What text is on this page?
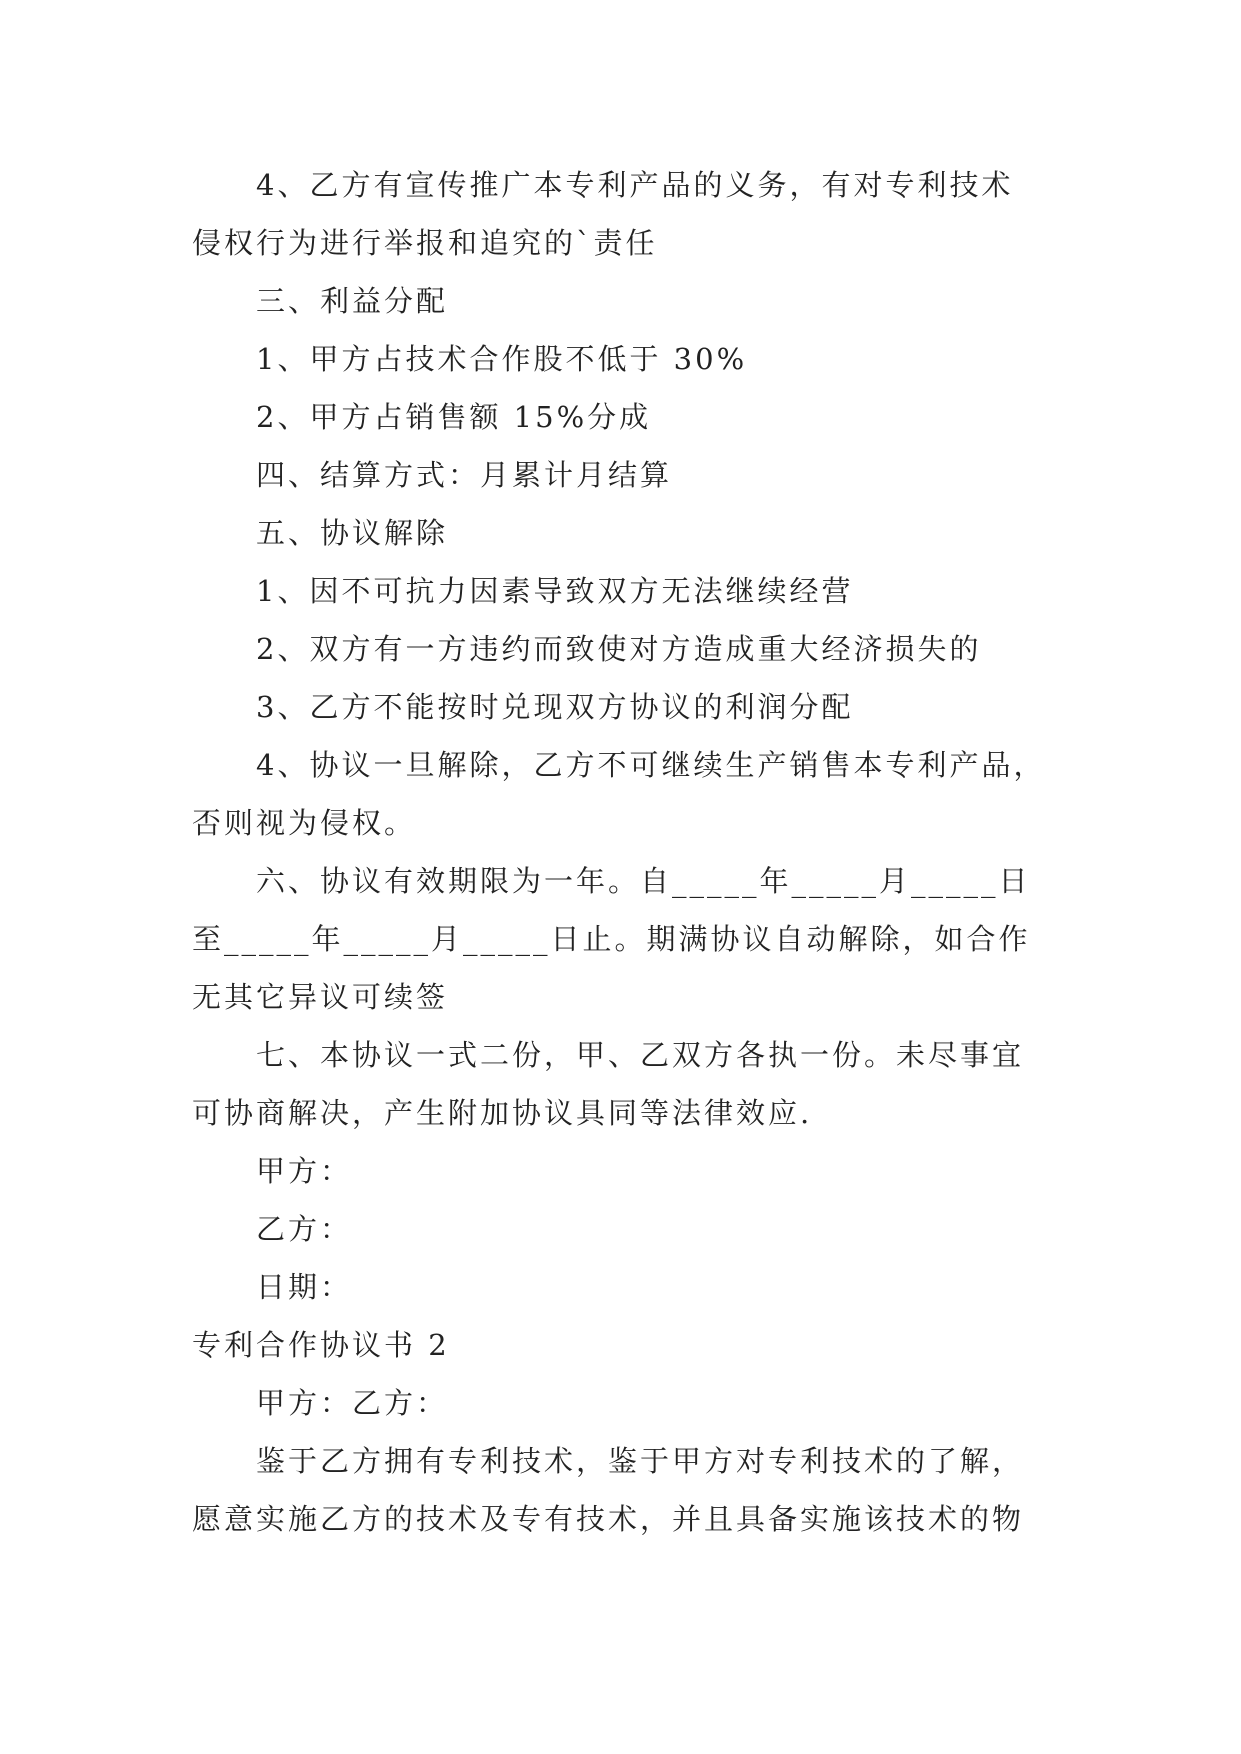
4、乙方有宣传推广本专利产品的义务，有对专利技术

侵权行为进行举报和追究的`责任

三、利益分配

1、甲方占技术合作股不低于 30%

2、甲方占销售额 15%分成

四、结算方式：月累计月结算

五、协议解除

1、因不可抗力因素导致双方无法继续经营

2、双方有一方违约而致使对方造成重大经济损失的

3、乙方不能按时兑现双方协议的利润分配

4、协议一旦解除，乙方不可继续生产销售本专利产品，

否则视为侵权。

六、协议有效期限为一年。自_____年_____月_____日

至_____年_____月_____日止。期满协议自动解除，如合作

无其它异议可续签

七、本协议一式二份，甲、乙双方各执一份。未尽事宜

可协商解决，产生附加协议具同等法律效应.

甲方：

乙方：

日期：

专利合作协议书 2

甲方：乙方：

鉴于乙方拥有专利技术，鉴于甲方对专利技术的了解，

愿意实施乙方的技术及专有技术，并且具备实施该技术的物
